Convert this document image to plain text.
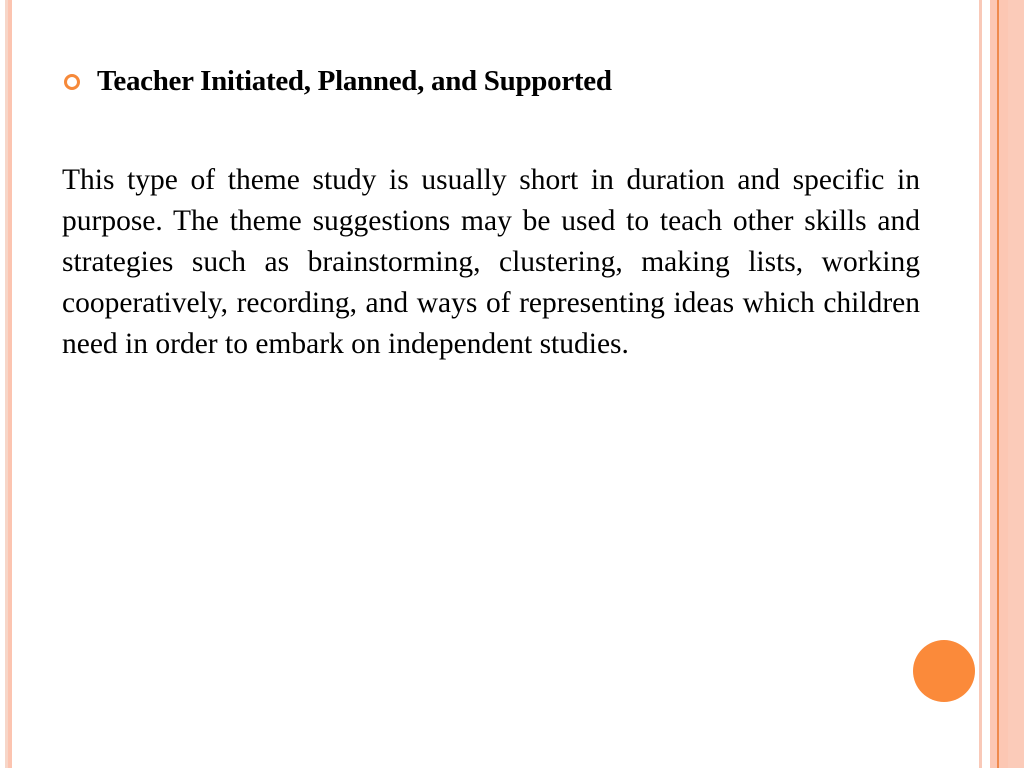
Teacher Initiated, Planned, and Supported

This type of theme study is usually short in duration and specific in purpose. The theme suggestions may be used to teach other skills and strategies such as brainstorming, clustering, making lists, working cooperatively, recording, and ways of representing ideas which children need in order to embark on independent studies.
